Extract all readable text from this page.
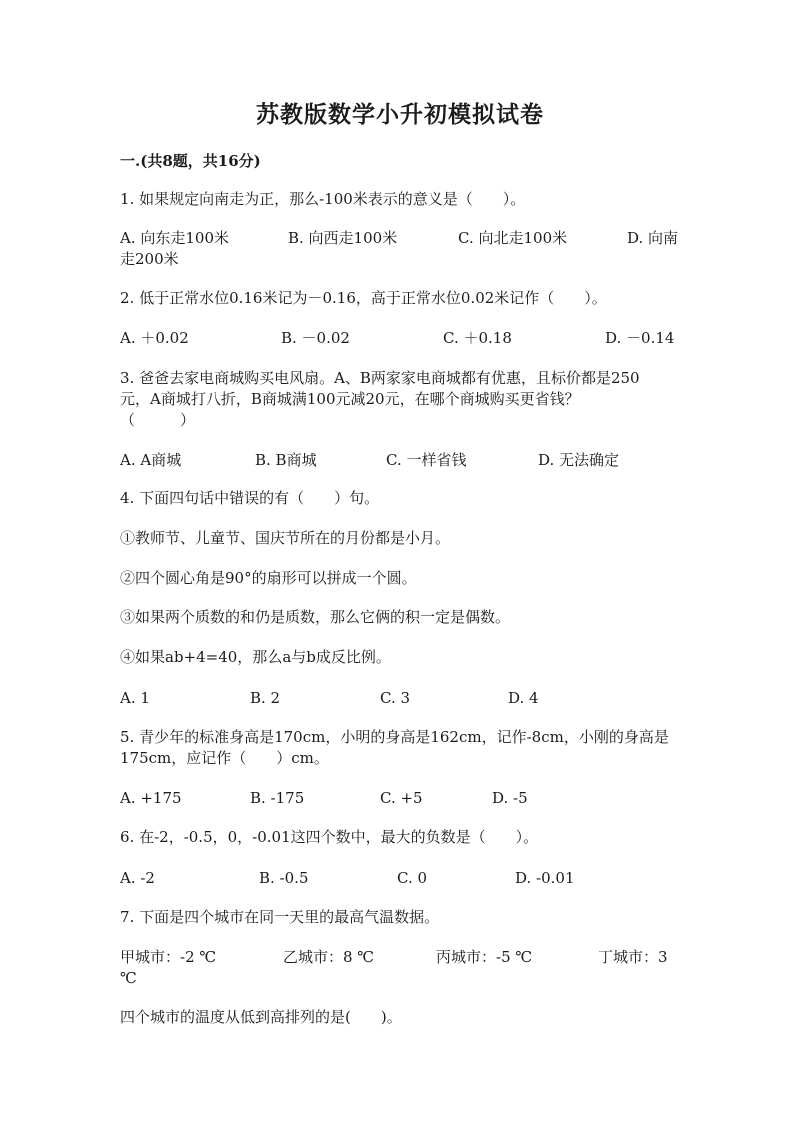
苏教版数学小升初模拟试卷
一.(共8题，共16分)
1. 如果规定向南走为正，那么-100米表示的意义是（　　）。
A. 向东走100米	B. 向西走100米	C. 向北走100米	D. 向南
走200米
2. 低于正常水位0.16米记为－0.16，高于正常水位0.02米记作（　　）。
A. ＋0.02	B. －0.02	C. ＋0.18	D. －0.14
3. 爸爸去家电商城购买电风扇。A、B两家家电商城都有优惠，且标价都是250
元，A商城打八折，B商城满100元减20元，在哪个商城购买更省钱？
（　　　）
A. A商城	B. B商城	C. 一样省钱	D. 无法确定
4. 下面四句话中错误的有（　　）句。
①教师节、儿童节、国庆节所在的月份都是小月。
②四个圆心角是90°的扇形可以拼成一个圆。
③如果两个质数的和仍是质数，那么它俩的积一定是偶数。
④如果ab+4=40，那么a与b成反比例。
A. 1	B. 2	C. 3	D. 4
5. 青少年的标准身高是170cm，小明的身高是162cm，记作-8cm，小刚的身高是
175cm，应记作（　　）cm。
A. +175	B. -175	C. +5	D. -5
6. 在-2，-0.5，0，-0.01这四个数中，最大的负数是（　　）。
A. -2	B. -0.5	C. 0	D. -0.01
7. 下面是四个城市在同一天里的最高气温数据。
甲城市：-2 ℃	乙城市：8 ℃	丙城市：-5 ℃	丁城市：3
℃
四个城市的温度从低到高排列的是(　　)。
